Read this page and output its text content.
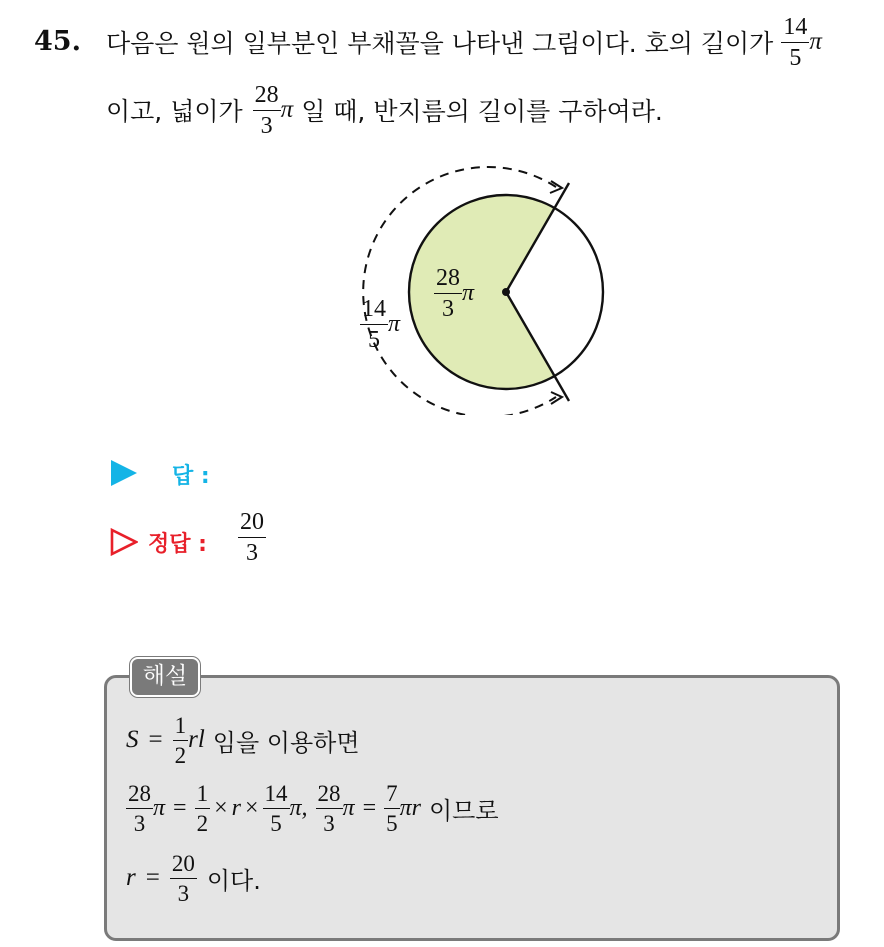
45. 다음은 원의 일부분인 부채꼴을 나타낸 그림이다. 호의 길이가 $\frac{14}{5}$ π
이고, 넓이가 $\frac{28}{3}$ π 일 때, 반지름의 길이를 구하여라.
$\frac{28}{3}$ π
$\frac{14}{5}$ π
답 :
정답 : $\frac{20}{3}$
해설
$S = \frac{1}{2}$ rl 임을 이용하면
$\frac{28}{3}$ $\pi = \frac{1}{2} \times r \times \frac{14}{5} \pi$, $\frac{28}{3}$ $\pi = \frac{7}{5}$ πr 이므로
$r = \frac{20}{3}$ 이다.
